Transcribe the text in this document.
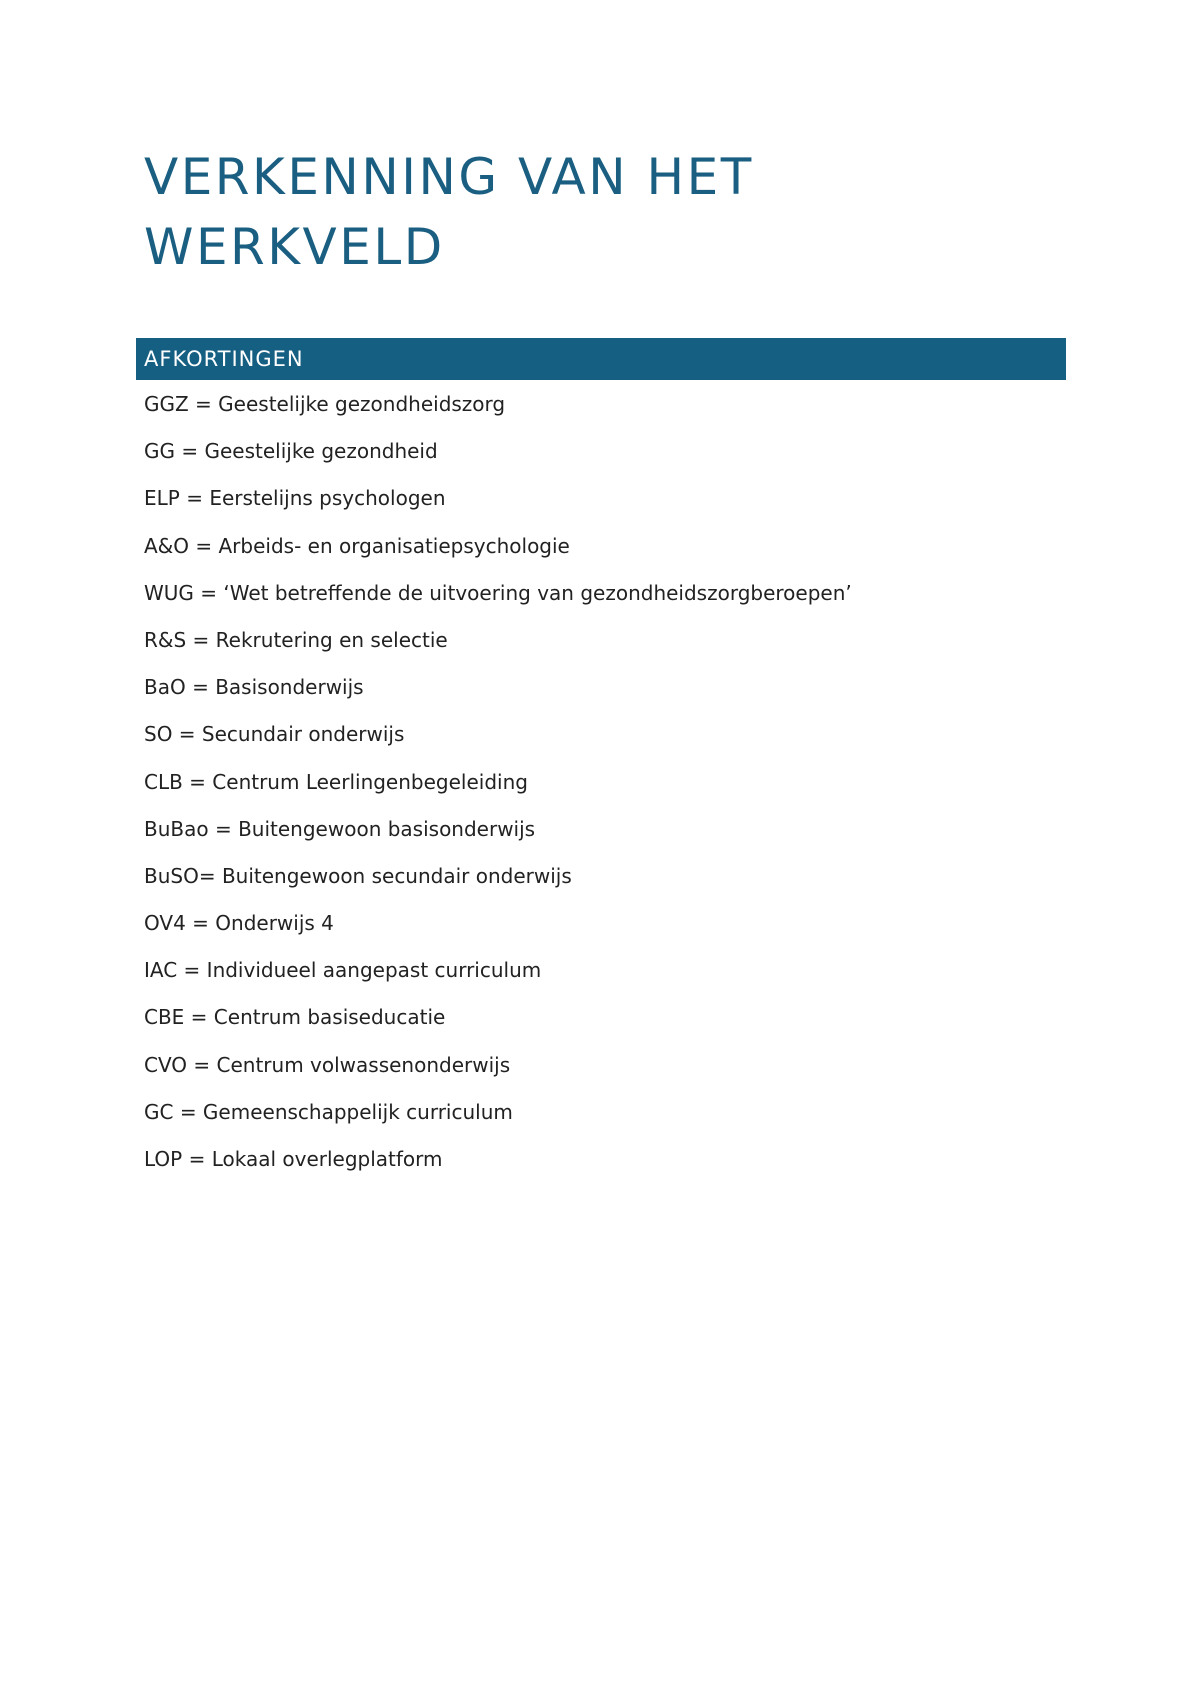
VERKENNING VAN HET WERKVELD
AFKORTINGEN
GGZ = Geestelijke gezondheidszorg
GG = Geestelijke gezondheid
ELP = Eerstelijns psychologen
A&O = Arbeids- en organisatiepsychologie
WUG = ‘Wet betreffende de uitvoering van gezondheidszorgberoepen’
R&S = Rekrutering en selectie
BaO = Basisonderwijs
SO = Secundair onderwijs
CLB = Centrum Leerlingenbegeleiding
BuBao = Buitengewoon basisonderwijs
BuSO= Buitengewoon secundair onderwijs
OV4 = Onderwijs 4
IAC = Individueel aangepast curriculum
CBE = Centrum basiseducatie
CVO = Centrum volwassenonderwijs
GC = Gemeenschappelijk curriculum
LOP = Lokaal overlegplatform
